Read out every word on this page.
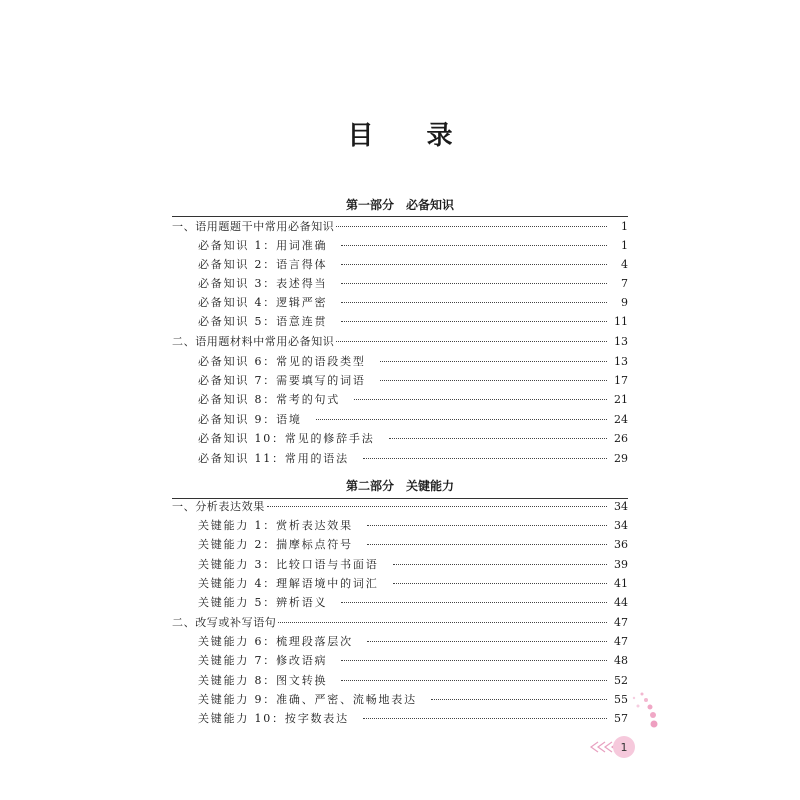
目 录
第一部分　必备知识
一、语用题题干中常用必备知识	1
必备知识 1：用词准确	1
必备知识 2：语言得体	4
必备知识 3：表述得当	7
必备知识 4：逻辑严密	9
必备知识 5：语意连贯	11
二、语用题材料中常用必备知识	13
必备知识 6：常见的语段类型	13
必备知识 7：需要填写的词语	17
必备知识 8：常考的句式	21
必备知识 9：语境	24
必备知识 10：常见的修辞手法	26
必备知识 11：常用的语法	29
第二部分　关键能力
一、分析表达效果	34
关键能力 1：赏析表达效果	34
关键能力 2：揣摩标点符号	36
关键能力 3：比较口语与书面语	39
关键能力 4：理解语境中的词汇	41
关键能力 5：辨析语义	44
二、改写或补写语句	47
关键能力 6：梳理段落层次	47
关键能力 7：修改语病	48
关键能力 8：图文转换	52
关键能力 9：准确、严密、流畅地表达	55
关键能力 10：按字数表达	57
1
